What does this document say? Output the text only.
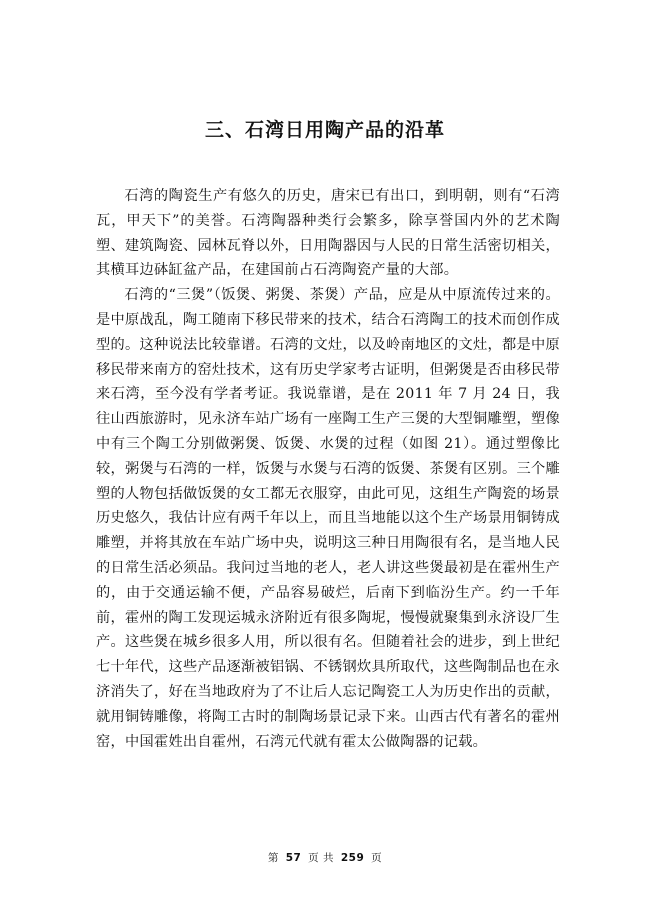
三、石湾日用陶产品的沿革

石湾的陶瓷生产有悠久的历史，唐宋已有出口，到明朝，则有“石湾瓦，甲天下”的美誉。石湾陶器种类行会繁多，除享誉国内外的艺术陶塑、建筑陶瓷、园林瓦脊以外，日用陶器因与人民的日常生活密切相关，其横耳边砵缸盆产品，在建国前占石湾陶瓷产量的大部。

石湾的“三煲”（饭煲、粥煲、茶煲）产品，应是从中原流传过来的。是中原战乱，陶工随南下移民带来的技术，结合石湾陶工的技术而创作成型的。这种说法比较靠谱。石湾的文灶，以及岭南地区的文灶，都是中原移民带来南方的窑灶技术，这有历史学家考古证明，但粥煲是否由移民带来石湾，至今没有学者考证。我说靠谱，是在 2011 年 7 月 24 日，我往山西旅游时，见永济车站广场有一座陶工生产三煲的大型铜雕塑，塑像中有三个陶工分别做粥煲、饭煲、水煲的过程（如图 21）。通过塑像比较，粥煲与石湾的一样，饭煲与水煲与石湾的饭煲、茶煲有区别。三个雕塑的人物包括做饭煲的女工都无衣服穿，由此可见，这组生产陶瓷的场景历史悠久，我估计应有两千年以上，而且当地能以这个生产场景用铜铸成雕塑，并将其放在车站广场中央，说明这三种日用陶很有名，是当地人民的日常生活必须品。我问过当地的老人，老人讲这些煲最初是在霍州生产的，由于交通运输不便，产品容易破烂，后南下到临汾生产。约一千年前，霍州的陶工发现运城永济附近有很多陶坭，慢慢就聚集到永济设厂生产。这些煲在城乡很多人用，所以很有名。但随着社会的进步，到上世纪七十年代，这些产品逐渐被铝锅、不锈钢炊具所取代，这些陶制品也在永济消失了，好在当地政府为了不让后人忘记陶瓷工人为历史作出的贡献，就用铜铸雕像，将陶工古时的制陶场景记录下来。山西古代有著名的霍州窑，中国霍姓出自霍州，石湾元代就有霍太公做陶器的记载。

第 57 页 共 259 页
